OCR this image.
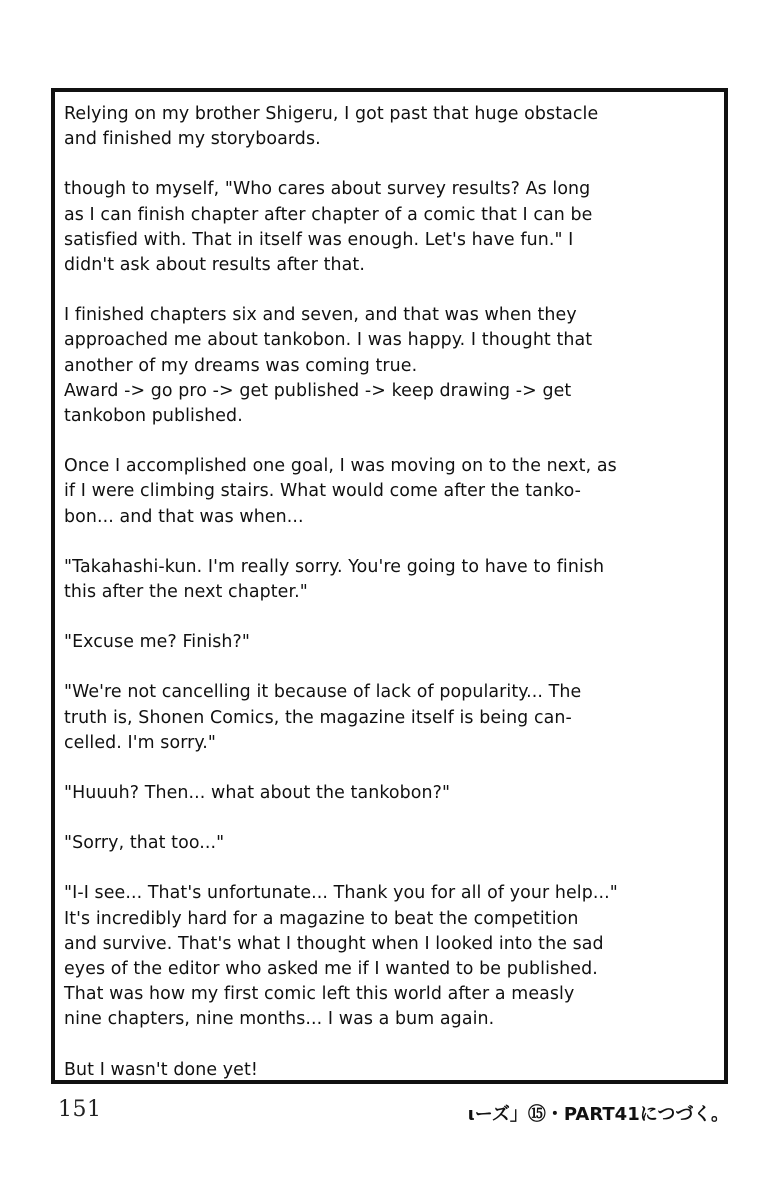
Relying on my brother Shigeru, I got past that huge obstacle
and finished my storyboards.

though to myself, "Who cares about survey results? As long
as I can finish chapter after chapter of a comic that I can be
satisfied with. That in itself was enough. Let's have fun." I
didn't ask about results after that.

I finished chapters six and seven, and that was when they
approached me about tankobon. I was happy. I thought that
another of my dreams was coming true.
Award -> go pro -> get published -> keep drawing -> get
tankobon published.

Once I accomplished one goal, I was moving on to the next, as
if I were climbing stairs. What would come after the tanko-
bon... and that was when...

"Takahashi-kun. I'm really sorry. You're going to have to finish
this after the next chapter."

"Excuse me? Finish?"

"We're not cancelling it because of lack of popularity... The
truth is, Shonen Comics, the magazine itself is being can-
celled. I'm sorry."

"Huuuh? Then... what about the tankobon?"

"Sorry, that too..."

"I-I see... That's unfortunate... Thank you for all of your help..."
It's incredibly hard for a magazine to beat the competition
and survive. That's what I thought when I looked into the sad
eyes of the editor who asked me if I wanted to be published.
That was how my first comic left this world after a measly
nine chapters, nine months... I was a bum again.

But I wasn't done yet!

151	ιーズ」⑮・PART41につづく。
